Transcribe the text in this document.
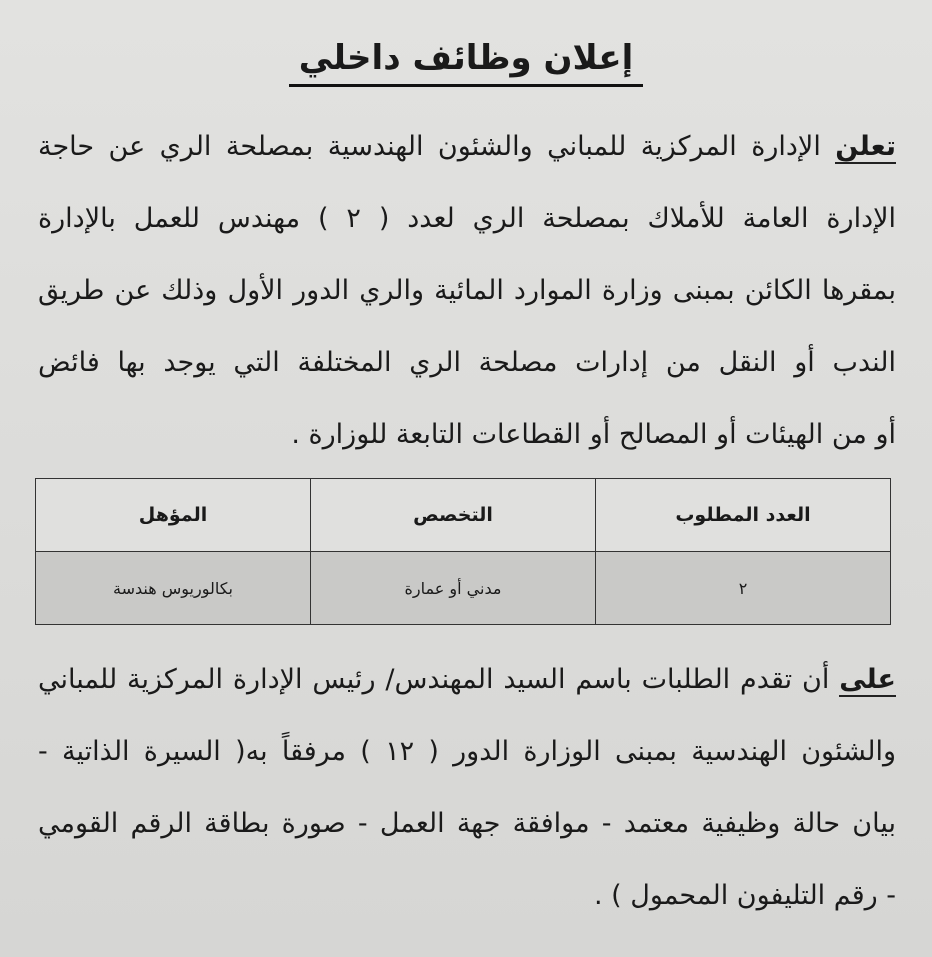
إعلان وظائف داخلي
تعلن الإدارة المركزية للمباني والشئون الهندسية بمصلحة الري عن حاجة
الإدارة العامة للأملاك بمصلحة الري لعدد ( ٢ ) مهندس للعمل بالإدارة
بمقرها الكائن بمبنى وزارة الموارد المائية والري الدور الأول وذلك عن طريق
الندب أو النقل من إدارات مصلحة الري المختلفة التي يوجد بها فائض
أو من الهيئات أو المصالح أو القطاعات التابعة للوزارة .
العدد المطلوب	التخصص	المؤهل
٢	مدني أو عمارة	بكالوريوس هندسة
على أن تقدم الطلبات باسم السيد المهندس/ رئيس الإدارة المركزية للمباني
والشئون الهندسية بمبنى الوزارة الدور ( ١٢ ) مرفقاً به( السيرة الذاتية -
بيان حالة وظيفية معتمد - موافقة جهة العمل - صورة بطاقة الرقم القومي
- رقم التليفون المحمول ) .
